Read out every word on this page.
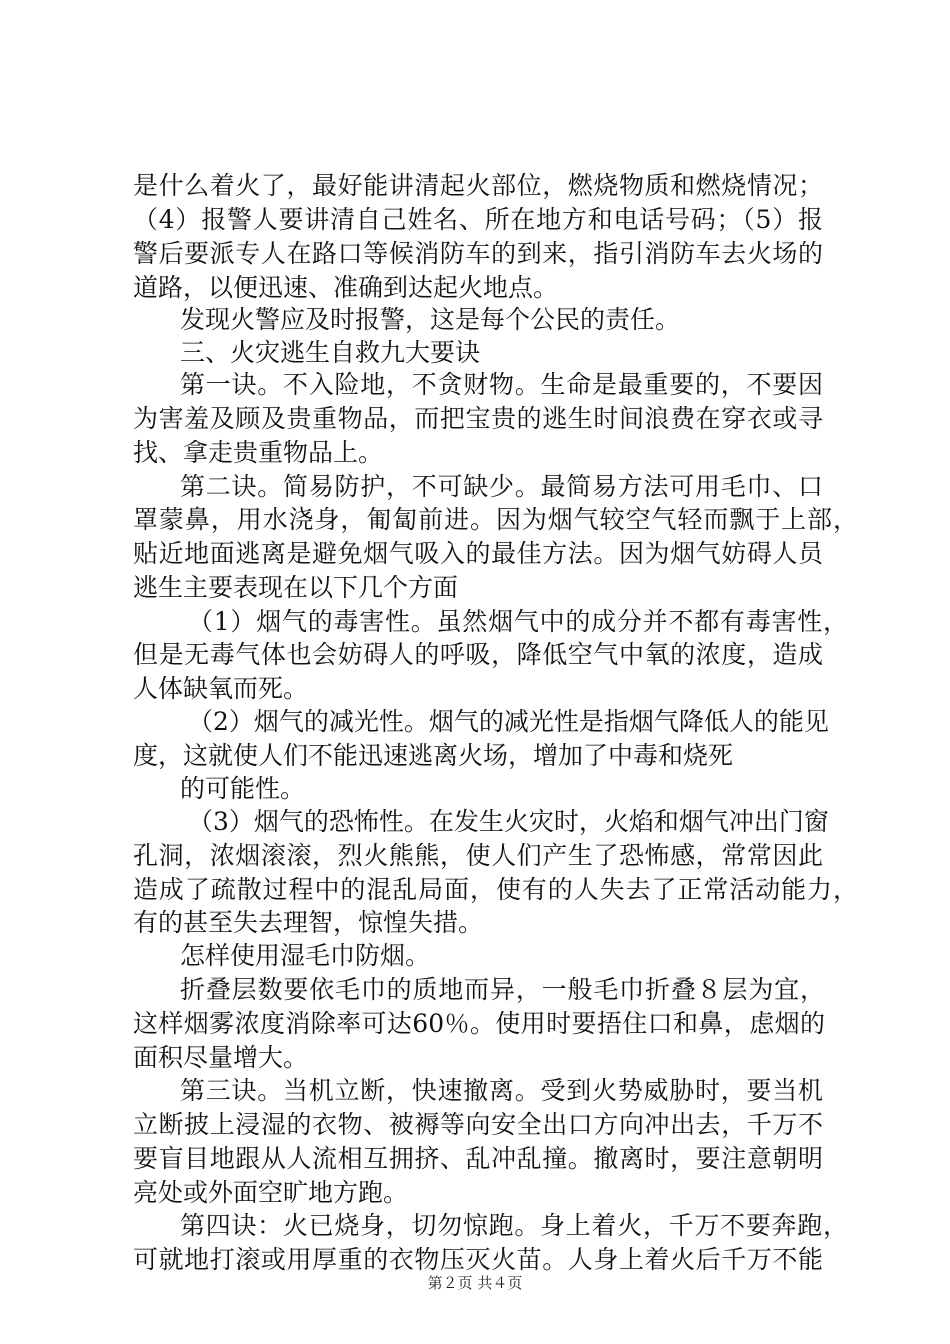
是什么着火了，最好能讲清起火部位，燃烧物质和燃烧情况；
（4）报警人要讲清自己姓名、所在地方和电话号码；（5）报
警后要派专人在路口等候消防车的到来，指引消防车去火场的
道路，以便迅速、准确到达起火地点。
发现火警应及时报警，这是每个公民的责任。
三、火灾逃生自救九大要诀
第一诀。不入险地，不贪财物。生命是最重要的，不要因
为害羞及顾及贵重物品，而把宝贵的逃生时间浪费在穿衣或寻
找、拿走贵重物品上。
第二诀。简易防护，不可缺少。最简易方法可用毛巾、口
罩蒙鼻，用水浇身，匍匐前进。因为烟气较空气轻而飘于上部，
贴近地面逃离是避免烟气吸入的最佳方法。因为烟气妨碍人员
逃生主要表现在以下几个方面
（1）烟气的毒害性。虽然烟气中的成分并不都有毒害性，
但是无毒气体也会妨碍人的呼吸，降低空气中氧的浓度，造成
人体缺氧而死。
（2）烟气的减光性。烟气的减光性是指烟气降低人的能见
度，这就使人们不能迅速逃离火场，增加了中毒和烧死
的可能性。
（3）烟气的恐怖性。在发生火灾时，火焰和烟气冲出门窗
孔洞，浓烟滚滚，烈火熊熊，使人们产生了恐怖感，常常因此
造成了疏散过程中的混乱局面，使有的人失去了正常活动能力，
有的甚至失去理智，惊惶失措。
怎样使用湿毛巾防烟。
折叠层数要依毛巾的质地而异，一般毛巾折叠８层为宜，
这样烟雾浓度消除率可达60％。使用时要捂住口和鼻，虑烟的
面积尽量增大。
第三诀。当机立断，快速撤离。受到火势威胁时，要当机
立断披上浸湿的衣物、被褥等向安全出口方向冲出去，千万不
要盲目地跟从人流相互拥挤、乱冲乱撞。撤离时，要注意朝明
亮处或外面空旷地方跑。
第四诀：火已烧身，切勿惊跑。身上着火，千万不要奔跑，
可就地打滚或用厚重的衣物压灭火苗。人身上着火后千万不能
第２页 共４页
